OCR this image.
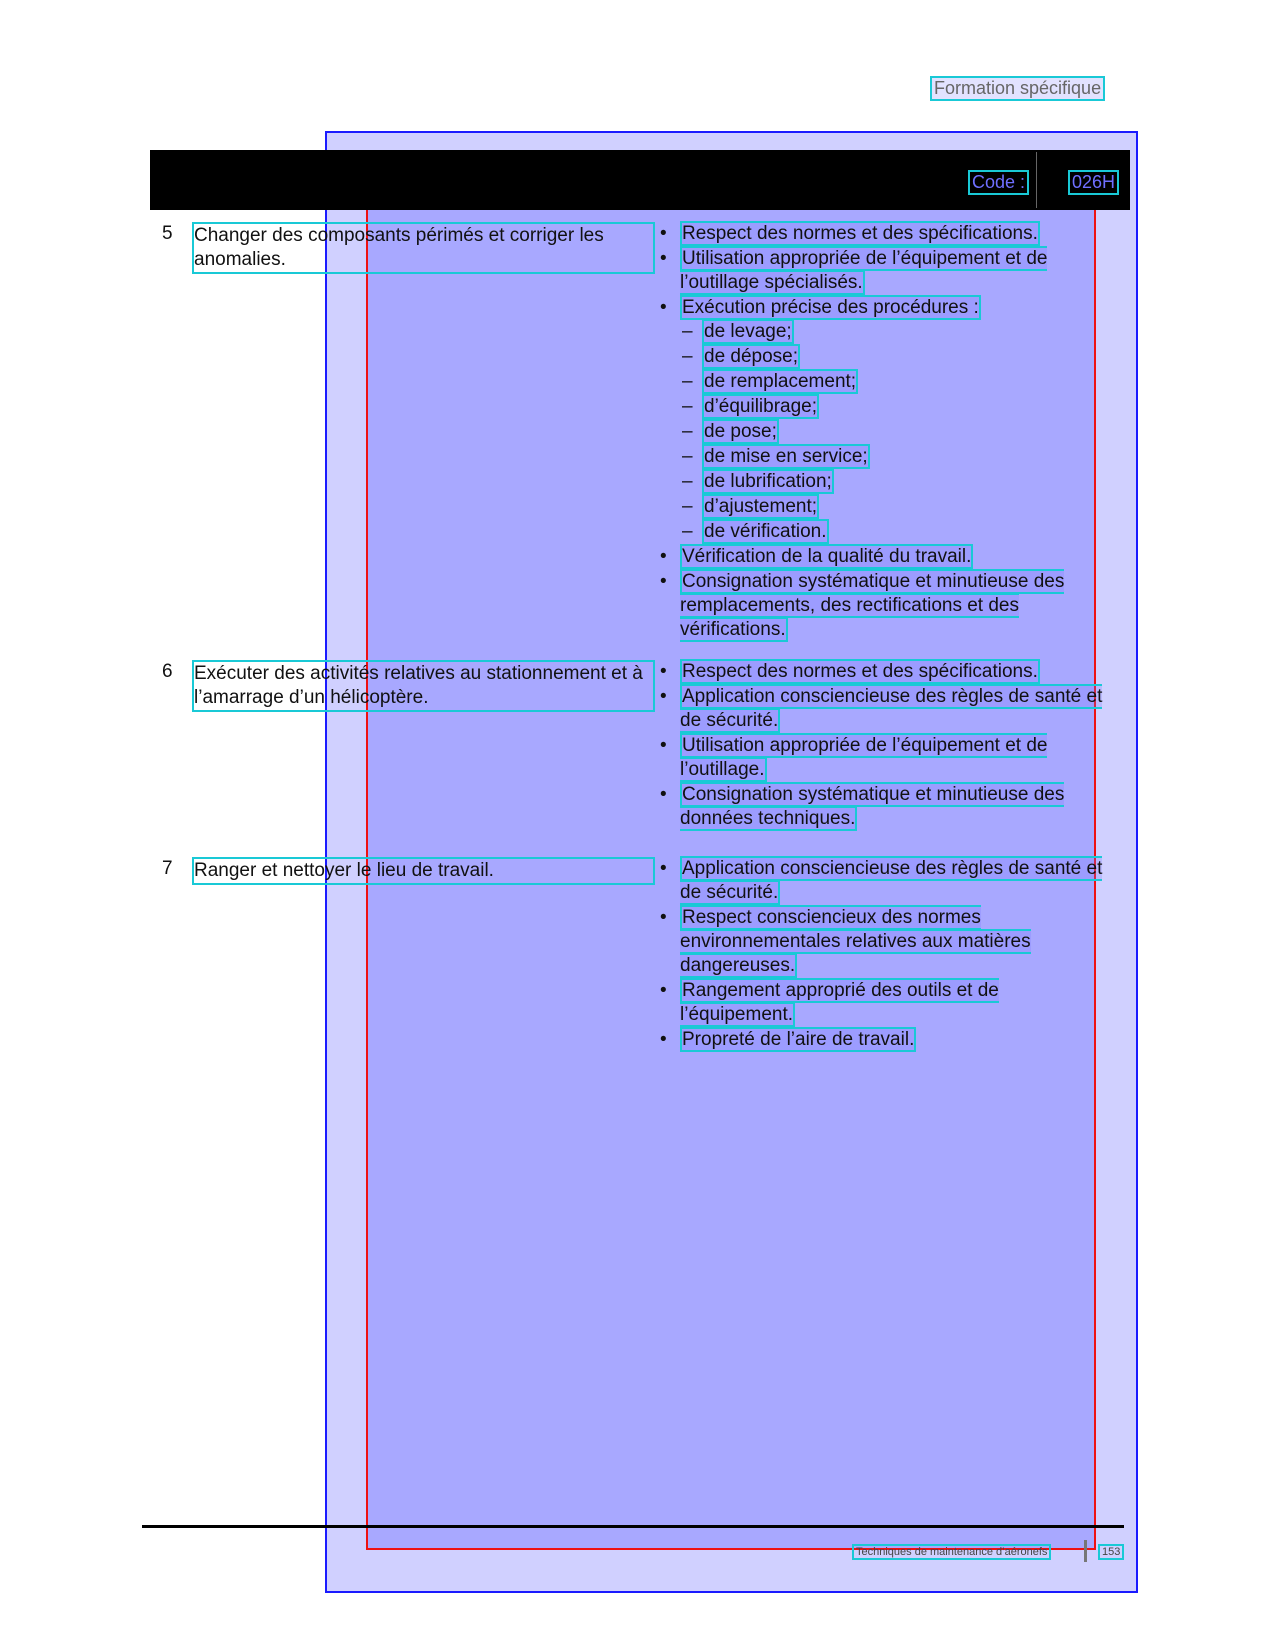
Formation spécifique
Code :	026H
5 Changer des composants périmés et corriger les anomalies.
• Respect des normes et des spécifications.
• Utilisation appropriée de l’équipement et de l’outillage spécialisés.
• Exécution précise des procédures :
– de levage;
– de dépose;
– de remplacement;
– d’équilibrage;
– de pose;
– de mise en service;
– de lubrification;
– d’ajustement;
– de vérification.
• Vérification de la qualité du travail.
• Consignation systématique et minutieuse des remplacements, des rectifications et des vérifications.
6 Exécuter des activités relatives au stationnement et à l’amarrage d’un hélicoptère.
• Respect des normes et des spécifications.
• Application consciencieuse des règles de santé et de sécurité.
• Utilisation appropriée de l’équipement et de l’outillage.
• Consignation systématique et minutieuse des données techniques.
7 Ranger et nettoyer le lieu de travail.	• Application consciencieuse des règles de santé et de sécurité.
• Respect consciencieux des normes environnementales relatives aux matières dangereuses.
• Rangement approprié des outils et de l’équipement.
• Propreté de l’aire de travail.
Techniques de maintenance d’aéronefs	153
